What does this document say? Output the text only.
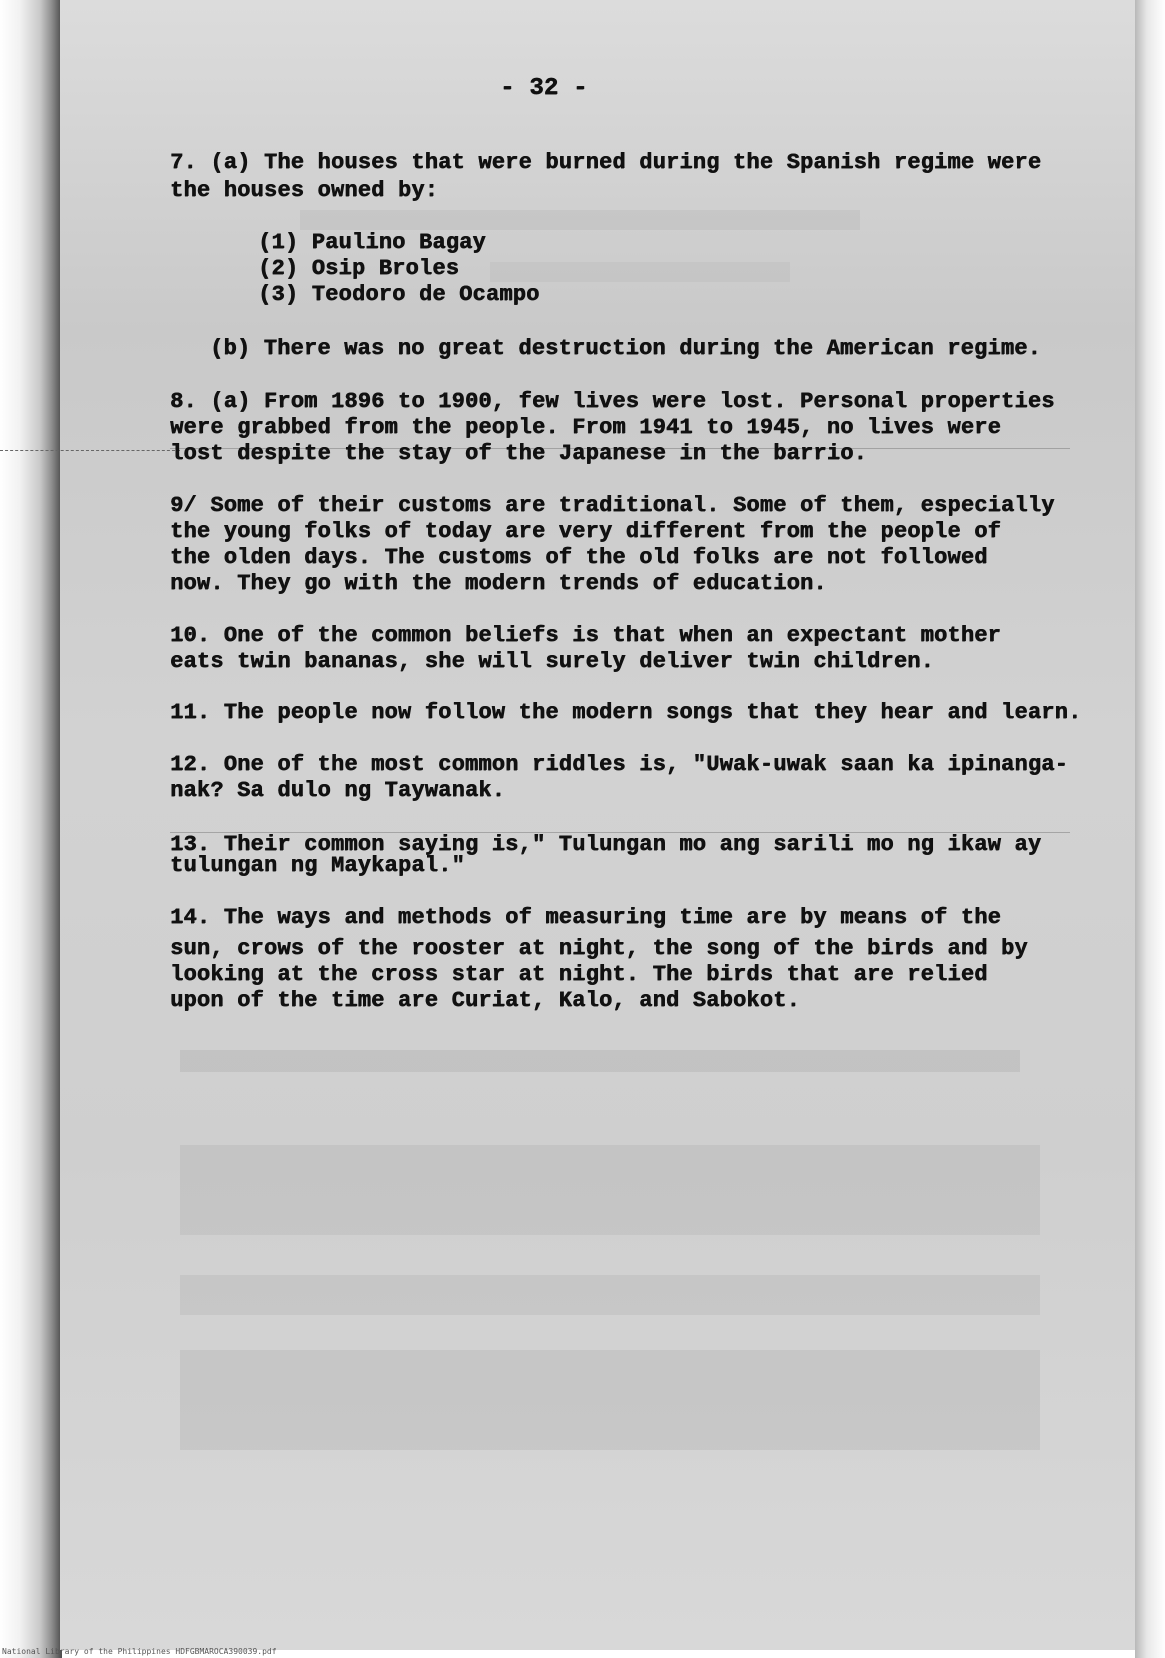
- 32 -
7. (a) The houses that were burned during the Spanish regime were
the houses owned by:
(1) Paulino Bagay
(2) Osip Broles
(3) Teodoro de Ocampo
(b) There was no great destruction during the American regime.
8. (a) From 1896 to 1900, few lives were lost. Personal properties
were grabbed from the people. From 1941 to 1945, no lives were
lost despite the stay of the Japanese in the barrio.
9/ Some of their customs are traditional. Some of them, especially
the young folks of today are very different from the people of
the olden days. The customs of the old folks are not followed
now. They go with the modern trends of education.
10. One of the common beliefs is that when an expectant mother
eats twin bananas, she will surely deliver twin children.
11. The people now follow the modern songs that they hear and learn.
12. One of the most common riddles is, "Uwak-uwak saan ka ipinanga-
nak? Sa dulo ng Taywanak.
13. Their common saying is," Tulungan mo ang sarili mo ng ikaw ay
tulungan ng Maykapal."
14. The ways and methods of measuring time are by means of the
sun, crows of the rooster at night, the song of the birds and by
looking at the cross star at night. The birds that are relied
upon of the time are Curiat, Kalo, and Sabokot.
National Library of the Philippines HDFGBMAROCA390039.pdf
